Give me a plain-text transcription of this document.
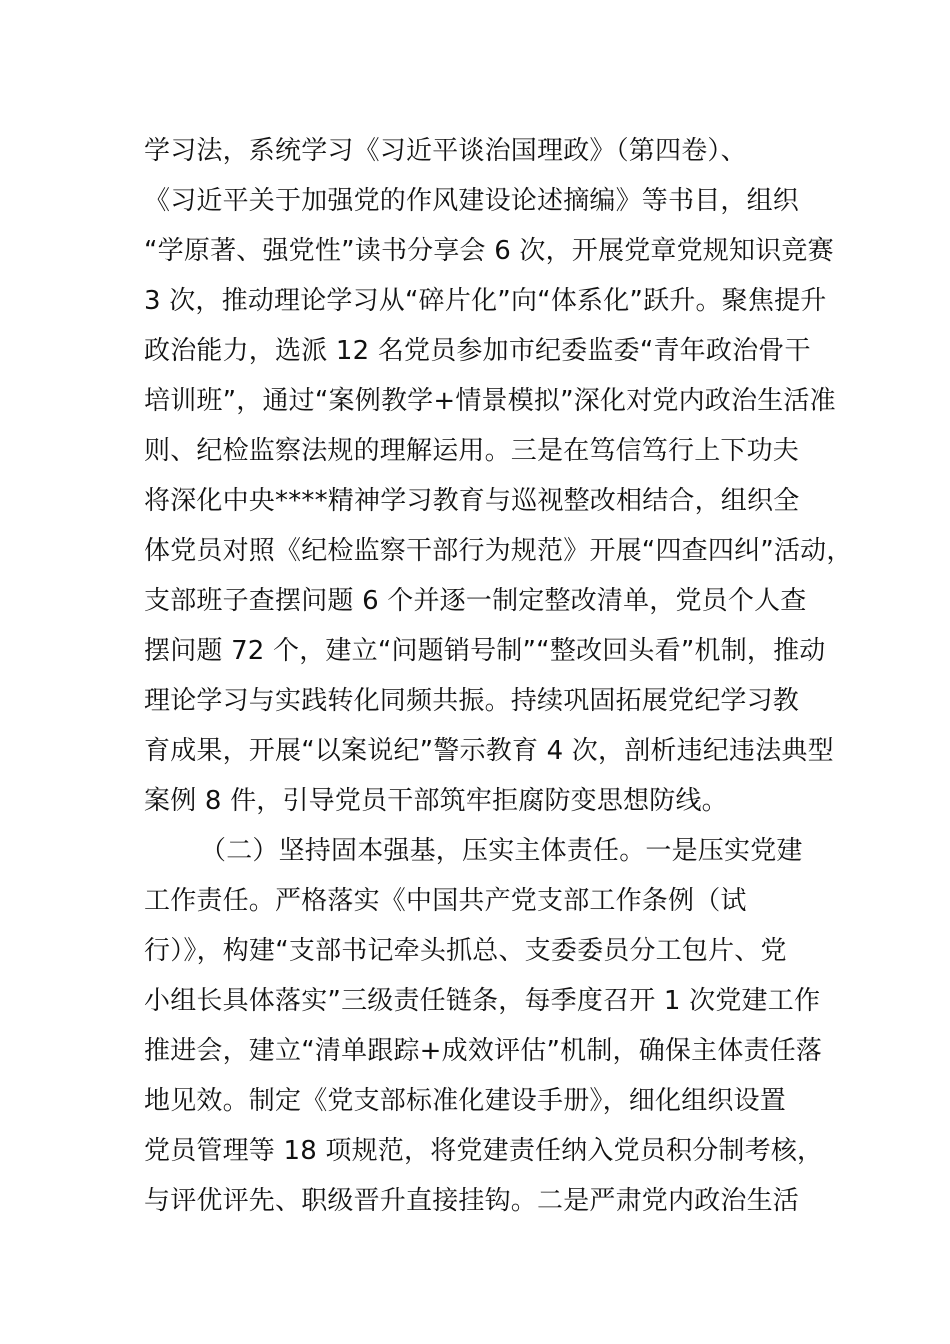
学习法，系统学习《习近平谈治国理政》（第四卷）、
《习近平关于加强党的作风建设论述摘编》等书目，组织
“学原著、强党性”读书分享会 6 次，开展党章党规知识竞赛
3 次，推动理论学习从“碎片化”向“体系化”跃升。聚焦提升
政治能力，选派 12 名党员参加市纪委监委“青年政治骨干
培训班”，通过“案例教学+情景模拟”深化对党内政治生活准
则、纪检监察法规的理解运用。三是在笃信笃行上下功夫
将深化中央****精神学习教育与巡视整改相结合，组织全
体党员对照《纪检监察干部行为规范》开展“四查四纠”活动，
支部班子查摆问题 6 个并逐一制定整改清单，党员个人查
摆问题 72 个，建立“问题销号制”“整改回头看”机制，推动
理论学习与实践转化同频共振。持续巩固拓展党纪学习教
育成果，开展“以案说纪”警示教育 4 次，剖析违纪违法典型
案例 8 件，引导党员干部筑牢拒腐防变思想防线。
（二）坚持固本强基，压实主体责任。一是压实党建
工作责任。严格落实《中国共产党支部工作条例（试
行）》，构建“支部书记牵头抓总、支委委员分工包片、党
小组长具体落实”三级责任链条，每季度召开 1 次党建工作
推进会，建立“清单跟踪+成效评估”机制，确保主体责任落
地见效。制定《党支部标准化建设手册》，细化组织设置
党员管理等 18 项规范，将党建责任纳入党员积分制考核，
与评优评先、职级晋升直接挂钩。二是严肃党内政治生活
